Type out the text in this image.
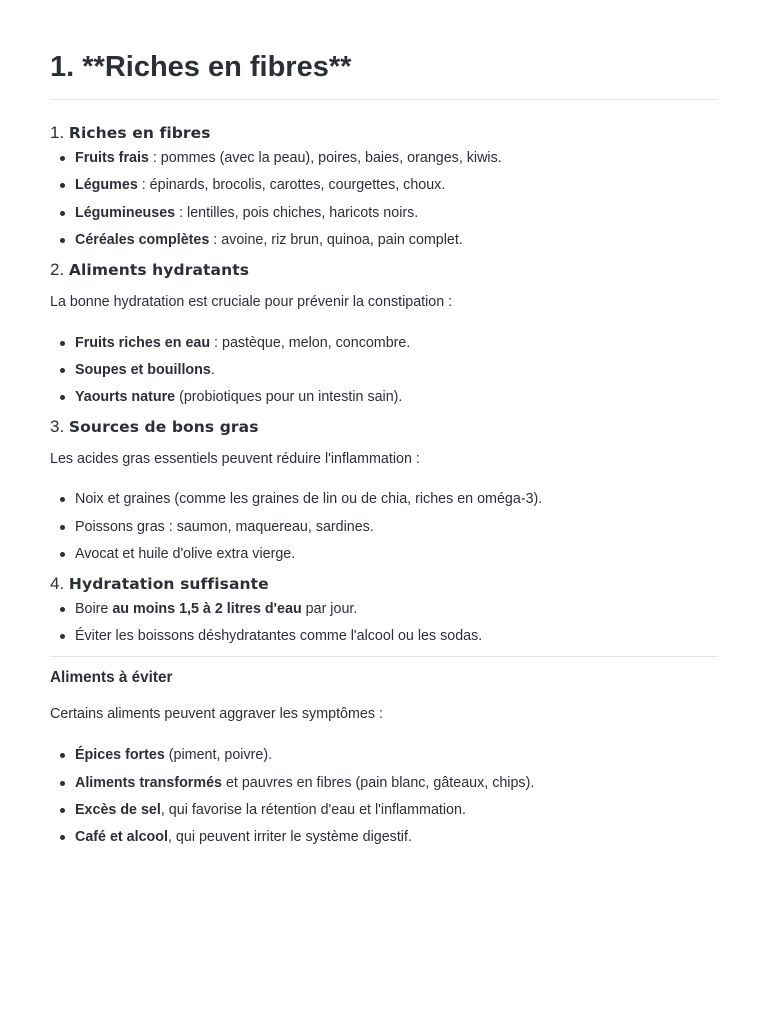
1. **Riches en fibres**
1. Riches en fibres
Fruits frais : pommes (avec la peau), poires, baies, oranges, kiwis.
Légumes : épinards, brocolis, carottes, courgettes, choux.
Légumineuses : lentilles, pois chiches, haricots noirs.
Céréales complètes : avoine, riz brun, quinoa, pain complet.
2. Aliments hydratants

La bonne hydratation est cruciale pour prévenir la constipation :

Fruits riches en eau : pastèque, melon, concombre.
Soupes et bouillons.
Yaourts nature (probiotiques pour un intestin sain).
3. Sources de bons gras

Les acides gras essentiels peuvent réduire l'inflammation :

Noix et graines (comme les graines de lin ou de chia, riches en oméga-3).
Poissons gras : saumon, maquereau, sardines.
Avocat et huile d'olive extra vierge.
4. Hydratation suffisante
Boire au moins 1,5 à 2 litres d'eau par jour.
Éviter les boissons déshydratantes comme l'alcool ou les sodas.
Aliments à éviter

Certains aliments peuvent aggraver les symptômes :

Épices fortes (piment, poivre).
Aliments transformés et pauvres en fibres (pain blanc, gâteaux, chips).
Excès de sel, qui favorise la rétention d'eau et l'inflammation.
Café et alcool, qui peuvent irriter le système digestif.
